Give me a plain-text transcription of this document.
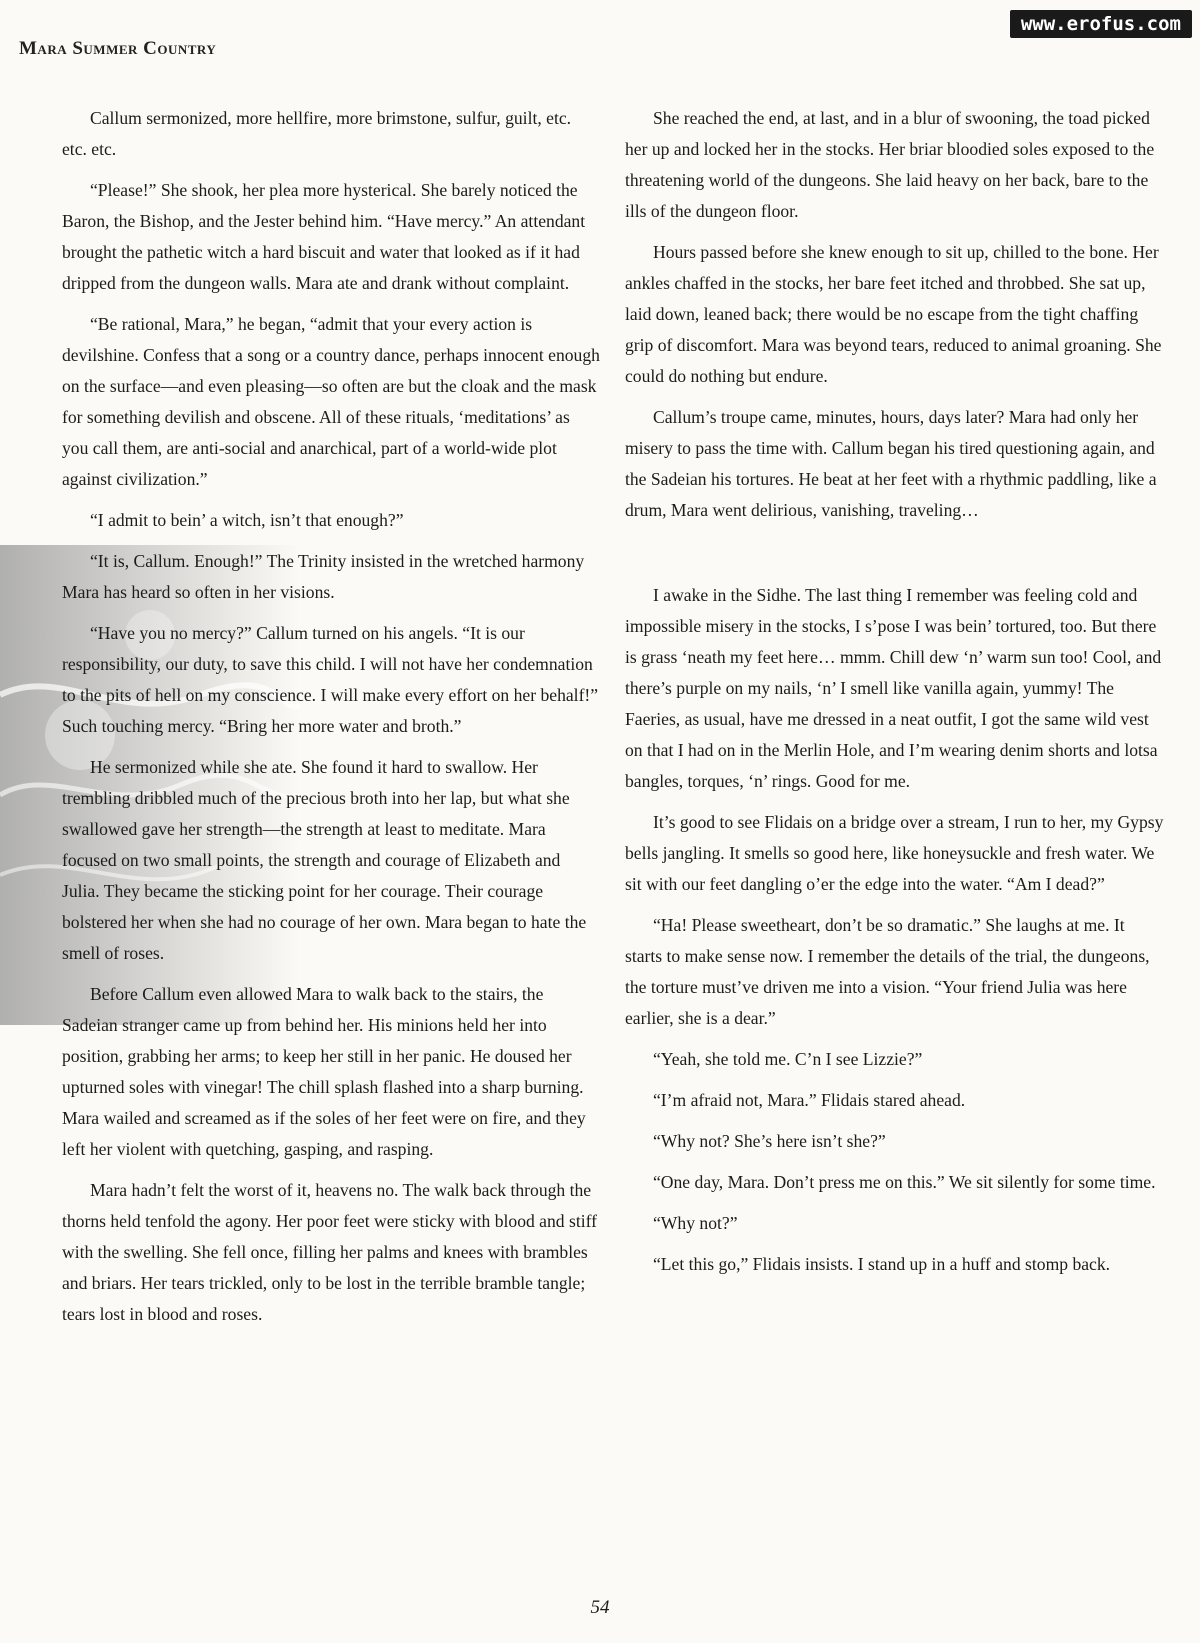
Mara Summer Country
www.erofus.com

Callum sermonized, more hellfire, more brimstone, sulfur, guilt, etc. etc. etc.

“Please!” She shook, her plea more hysterical. She barely noticed the Baron, the Bishop, and the Jester behind him. “Have mercy.” An attendant brought the pathetic witch a hard biscuit and water that looked as if it had dripped from the dungeon walls. Mara ate and drank without complaint.

“Be rational, Mara,” he began, “admit that your every action is devilshine. Confess that a song or a country dance, perhaps innocent enough on the surface—and even pleasing—so often are but the cloak and the mask for something devilish and obscene. All of these rituals, ‘meditations’ as you call them, are anti-social and anarchical, part of a world-wide plot against civilization.”

“I admit to bein’ a witch, isn’t that enough?”

“It is, Callum. Enough!” The Trinity insisted in the wretched harmony Mara has heard so often in her visions.

“Have you no mercy?” Callum turned on his angels. “It is our responsibility, our duty, to save this child. I will not have her condemnation to the pits of hell on my conscience. I will make every effort on her behalf!” Such touching mercy. “Bring her more water and broth.”

He sermonized while she ate. She found it hard to swallow. Her trembling dribbled much of the precious broth into her lap, but what she swallowed gave her strength—the strength at least to meditate. Mara focused on two small points, the strength and courage of Elizabeth and Julia. They became the sticking point for her courage. Their courage bolstered her when she had no courage of her own. Mara began to hate the smell of roses.

Before Callum even allowed Mara to walk back to the stairs, the Sadeian stranger came up from behind her. His minions held her into position, grabbing her arms; to keep her still in her panic. He doused her upturned soles with vinegar! The chill splash flashed into a sharp burning. Mara wailed and screamed as if the soles of her feet were on fire, and they left her violent with quetching, gasping, and rasping.

Mara hadn’t felt the worst of it, heavens no. The walk back through the thorns held tenfold the agony. Her poor feet were sticky with blood and stiff with the swelling. She fell once, filling her palms and knees with brambles and briars. Her tears trickled, only to be lost in the terrible bramble tangle; tears lost in blood and roses.

She reached the end, at last, and in a blur of swooning, the toad picked her up and locked her in the stocks. Her briar bloodied soles exposed to the threatening world of the dungeons. She laid heavy on her back, bare to the ills of the dungeon floor.

Hours passed before she knew enough to sit up, chilled to the bone. Her ankles chaffed in the stocks, her bare feet itched and throbbed. She sat up, laid down, leaned back; there would be no escape from the tight chaffing grip of discomfort. Mara was beyond tears, reduced to animal groaning. She could do nothing but endure.

Callum’s troupe came, minutes, hours, days later? Mara had only her misery to pass the time with. Callum began his tired questioning again, and the Sadeian his tortures. He beat at her feet with a rhythmic paddling, like a drum, Mara went delirious, vanishing, traveling…

I awake in the Sidhe. The last thing I remember was feeling cold and impossible misery in the stocks, I s’pose I was bein’ tortured, too. But there is grass ‘neath my feet here… mmm. Chill dew ‘n’ warm sun too! Cool, and there’s purple on my nails, ‘n’ I smell like vanilla again, yummy! The Faeries, as usual, have me dressed in a neat outfit, I got the same wild vest on that I had on in the Merlin Hole, and I’m wearing denim shorts and lotsa bangles, torques, ‘n’ rings. Good for me.

It’s good to see Flidais on a bridge over a stream, I run to her, my Gypsy bells jangling. It smells so good here, like honeysuckle and fresh water. We sit with our feet dangling o’er the edge into the water. “Am I dead?”

“Ha! Please sweetheart, don’t be so dramatic.” She laughs at me. It starts to make sense now. I remember the details of the trial, the dungeons, the torture must’ve driven me into a vision. “Your friend Julia was here earlier, she is a dear.”

“Yeah, she told me. C’n I see Lizzie?”

“I’m afraid not, Mara.” Flidais stared ahead.

“Why not? She’s here isn’t she?”

“One day, Mara. Don’t press me on this.” We sit silently for some time.

“Why not?”

“Let this go,” Flidais insists. I stand up in a huff and stomp back.

54
